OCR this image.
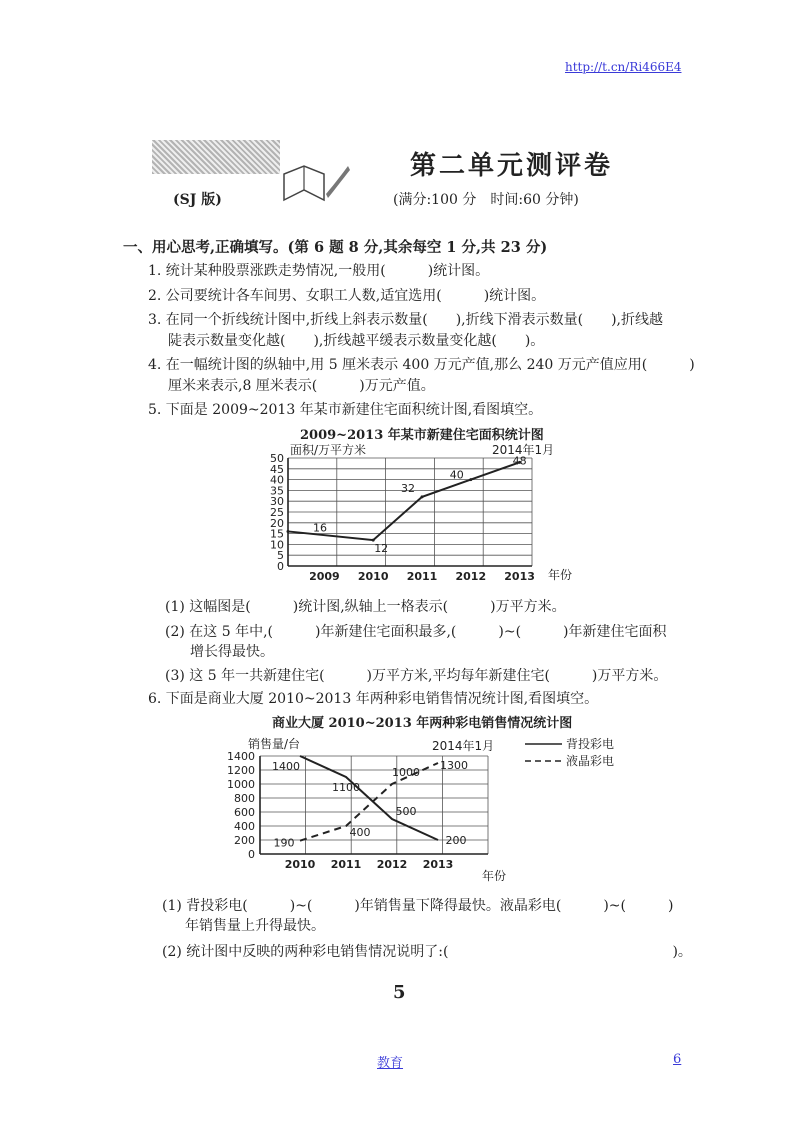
http://t.cn/Ri466E4
第二单元测评卷
(SJ 版)	(满分:100 分　时间:60 分钟)
一、用心思考,正确填写。(第 6 题 8 分,其余每空 1 分,共 23 分)
1. 统计某种股票涨跌走势情况,一般用(　　　)统计图。
2. 公司要统计各车间男、女职工人数,适宜选用(　　　)统计图。
3. 在同一个折线统计图中,折线上斜表示数量(　　),折线下滑表示数量(　　),折线越
陡表示数量变化越(　　),折线越平缓表示数量变化越(　　)。
4. 在一幅统计图的纵轴中,用 5 厘米表示 400 万元产值,那么 240 万元产值应用(　　　)
厘米来表示,8 厘米表示(　　　)万元产值。
5. 下面是 2009~2013 年某市新建住宅面积统计图,看图填空。
2009~2013 年某市新建住宅面积统计图
0
5
10
15
20
25
30
35
40
45
50
2009 2010 2011 2012 2013
16
12
32
40
48
面积/万平方米	2014年1月
年份
(1) 这幅图是(　　　)统计图,纵轴上一格表示(　　　)万平方米。
(2) 在这 5 年中,(　　　)年新建住宅面积最多,(　　　)~(　　　)年新建住宅面积
增长得最快。
(3) 这 5 年一共新建住宅(　　　)万平方米,平均每年新建住宅(　　　)万平方米。
6. 下面是商业大厦 2010~2013 年两种彩电销售情况统计图,看图填空。
商业大厦 2010~2013 年两种彩电销售情况统计图
0
200
400
600
800
1000
1200
1400
2010 2011 2012 2013
1400
1100
500
200
190
400
1000
1300
销售量/台	2014年1月
年份
背投彩电
液晶彩电
(1) 背投彩电(　　　)~(　　　)年销售量下降得最快。液晶彩电(　　　)~(　　　)
年销售量上升得最快。
(2) 统计图中反映的两种彩电销售情况说明了:(　　　　　　　　　　　　　　　　)。
5
教育	6
